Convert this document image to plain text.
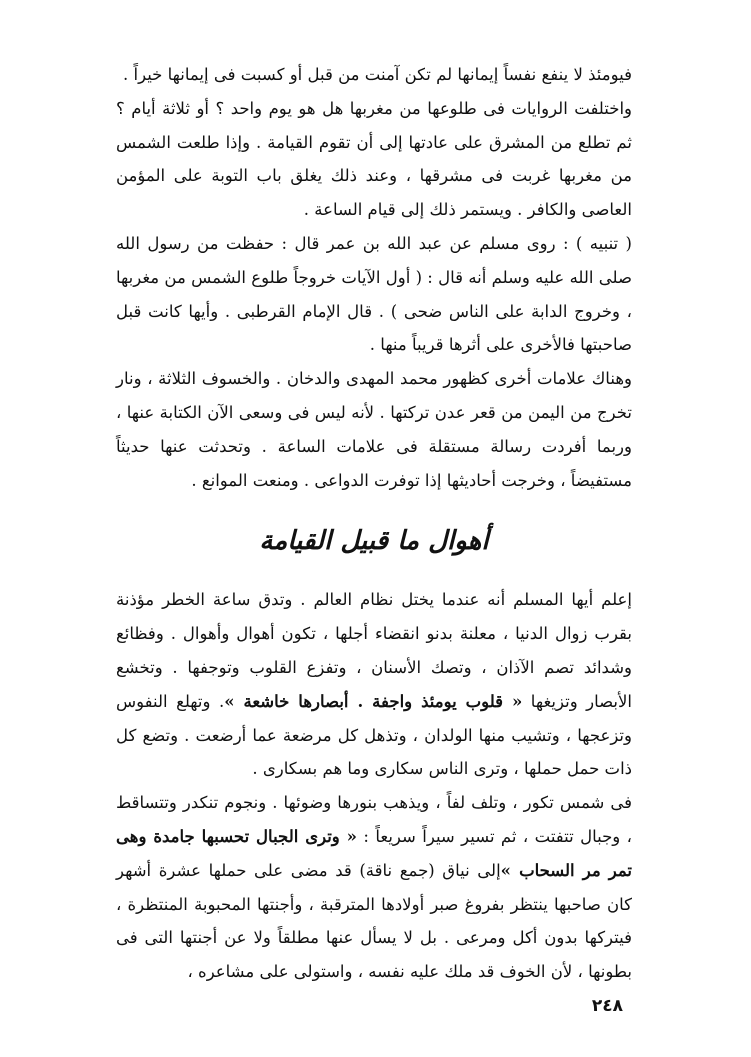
فيومئذ لا ينفع نفساً إيمانها لم تكن آمنت من قبل أو كسبت فى إيمانها خيراً .

واختلفت الروايات فى طلوعها من مغربها هل هو يوم واحد ؟ أو ثلاثة أيام ؟ ثم تطلع من المشرق على عادتها إلى أن تقوم القيامة . وإذا طلعت الشمس من مغربها غربت فى مشرقها ، وعند ذلك يغلق باب التوبة على المؤمن العاصى والكافر . ويستمر ذلك إلى قيام الساعة .

( تنبيه ) : روى مسلم عن عبد الله بن عمر قال : حفظت من رسول الله صلى الله عليه وسلم أنه قال : ( أول الآيات خروجاً طلوع الشمس من مغربها ، وخروج الدابة على الناس ضحى ) . قال الإمام القرطبى . وأيها كانت قبل صاحبتها فالأخرى على أثرها قريباً منها .

وهناك علامات أخرى كظهور محمد المهدى والدخان . والخسوف الثلاثة ، ونار تخرج من اليمن من قعر عدن تركتها . لأنه ليس فى وسعى الآن الكتابة عنها ، وربما أفردت رسالة مستقلة فى علامات الساعة . وتحدثت عنها حديثاً مستفيضاً ، وخرجت أحاديثها إذا توفرت الدواعى . ومنعت الموانع .

أهوال ما قبيل القيامة

إعلم أيها المسلم أنه عندما يختل نظام العالم . وتدق ساعة الخطر مؤذنة بقرب زوال الدنيا ، معلنة بدنو انقضاء أجلها ، تكون أهوال وأهوال . وفظائع وشدائد تصم الآذان ، وتصك الأسنان ، وتفزع القلوب وتوجفها . وتخشع الأبصار وتزيغها « قلوب يومئذ واجفة . أبصارها خاشعة ». وتهلع النفوس وتزعجها ، وتشيب منها الولدان ، وتذهل كل مرضعة عما أرضعت . وتضع كل ذات حمل حملها ، وترى الناس سكارى وما هم بسكارى .

فى شمس تكور ، وتلف لفاً ، ويذهب بنورها وضوئها . ونجوم تنكدر وتتساقط ، وجبال تتفتت ، ثم تسير سيراً سريعاً : « وترى الجبال تحسبها جامدة وهى تمر مر السحاب »إلى نياق (جمع ناقة) قد مضى على حملها عشرة أشهر كان صاحبها ينتظر بفروغ صبر أولادها المترقبة ، وأجنتها المحبوبة المنتظرة ، فيتركها بدون أكل ومرعى . بل لا يسأل عنها مطلقاً ولا عن أجنتها التى فى بطونها ، لأن الخوف قد ملك عليه نفسه ، واستولى على مشاعره ،

٢٤٨
